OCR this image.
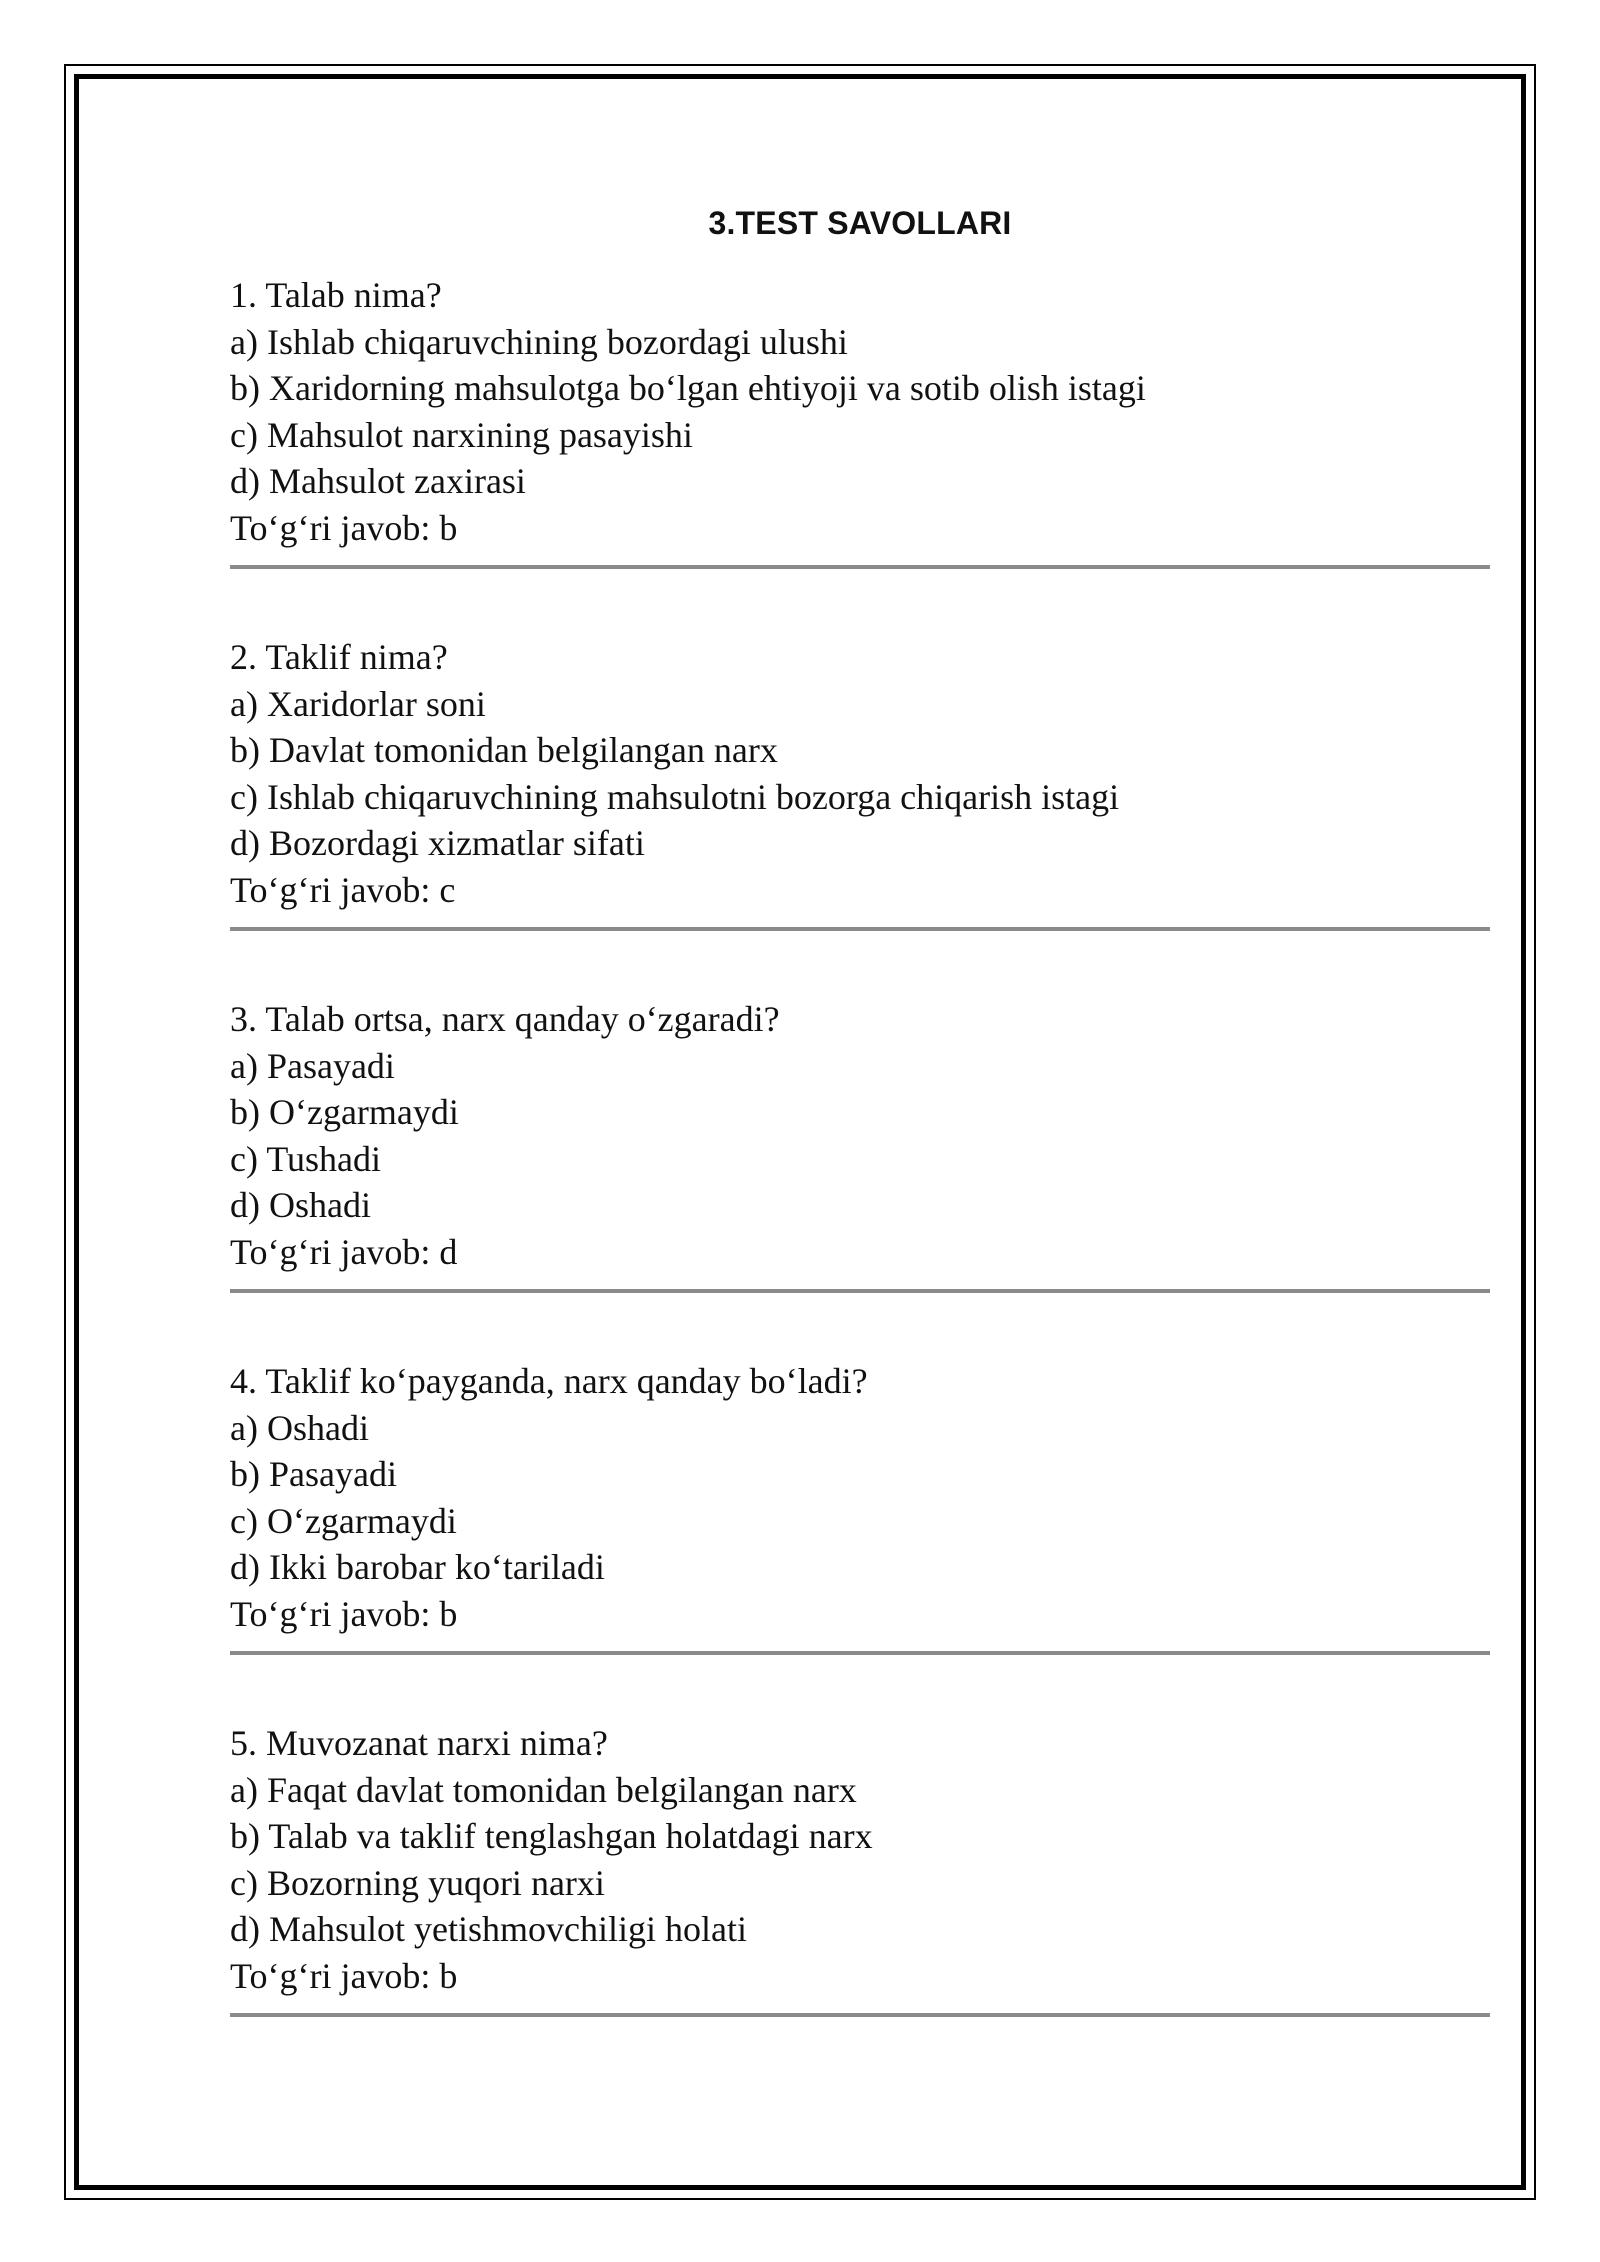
3.TEST SAVOLLARI
1. Talab nima?
a) Ishlab chiqaruvchining bozordagi ulushi
b) Xaridorning mahsulotga bo‘lgan ehtiyoji va sotib olish istagi
c) Mahsulot narxining pasayishi
d) Mahsulot zaxirasi
To‘g‘ri javob: b
2. Taklif nima?
a) Xaridorlar soni
b) Davlat tomonidan belgilangan narx
c) Ishlab chiqaruvchining mahsulotni bozorga chiqarish istagi
d) Bozordagi xizmatlar sifati
To‘g‘ri javob: c
3. Talab ortsa, narx qanday o‘zgaradi?
a) Pasayadi
b) O‘zgarmaydi
c) Tushadi
d) Oshadi
To‘g‘ri javob: d
4. Taklif ko‘payganda, narx qanday bo‘ladi?
a) Oshadi
b) Pasayadi
c) O‘zgarmaydi
d) Ikki barobar ko‘tariladi
To‘g‘ri javob: b
5. Muvozanat narxi nima?
a) Faqat davlat tomonidan belgilangan narx
b) Talab va taklif tenglashgan holatdagi narx
c) Bozorning yuqori narxi
d) Mahsulot yetishmovchiligi holati
To‘g‘ri javob: b
